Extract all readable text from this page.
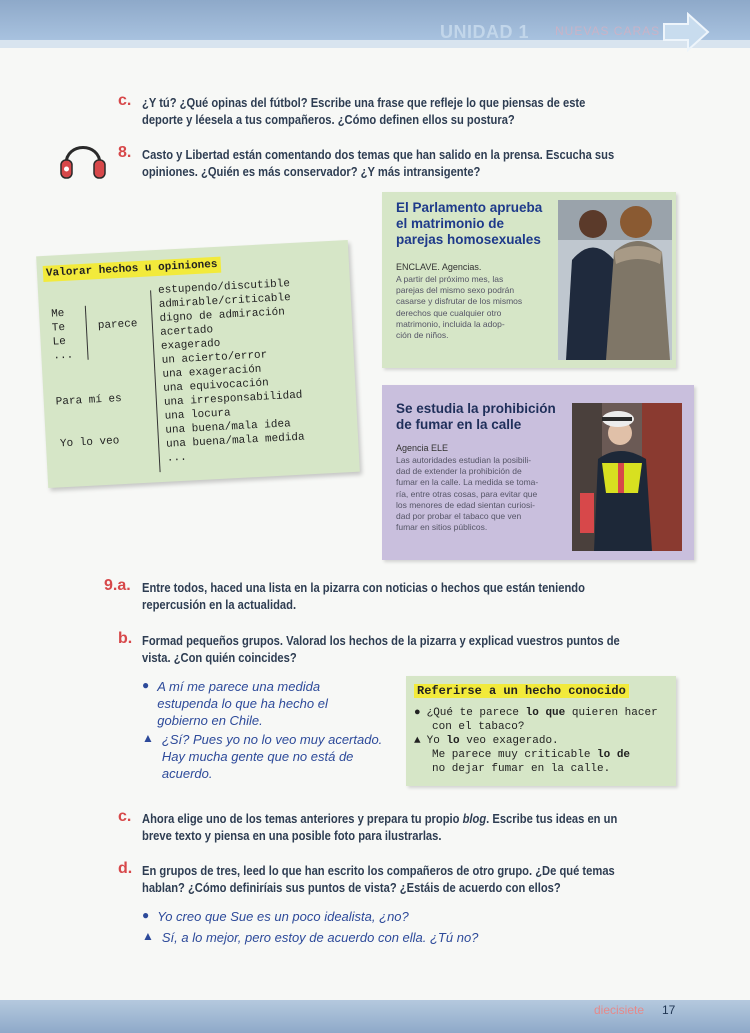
UNIDAD 1 NUEVAS CARAS
c. ¿Y tú? ¿Qué opinas del fútbol? Escribe una frase que refleje lo que piensas de este
deporte y léesela a tus compañeros. ¿Cómo definen ellos su postura?
8. Casto y Libertad están comentando dos temas que han salido en la prensa. Escucha sus
opiniones. ¿Quién es más conservador? ¿Y más intransigente?
El Parlamento aprueba
el matrimonio de
parejas homosexuales
ENCLAVE. Agencias.
A partir del próximo mes, las
parejas del mismo sexo podrán
casarse y disfrutar de los mismos
derechos que cualquier otro
matrimonio, incluida la adop-
ción de niños.
Se estudia la prohibición
de fumar en la calle
Agencia ELE
Las autoridades estudian la posibili-
dad de extender la prohibición de
fumar en la calle. La medida se toma-
ría, entre otras cosas, para evitar que
los menores de edad sientan curiosi-
dad por probar el tabaco que ven
fumar en sitios públicos.
Valorar hechos u opiniones
Me
Te
Le
...
parece
Para mí es
Yo lo veo
estupendo/discutible
admirable/criticable
digno de admiración
acertado
exagerado
un acierto/error
una exageración
una equivocación
una irresponsabilidad
una locura
una buena/mala idea
una buena/mala medida
...
9.a. Entre todos, haced una lista en la pizarra con noticias o hechos que están teniendo
repercusión en la actualidad.
b. Formad pequeños grupos. Valorad los hechos de la pizarra y explicad vuestros puntos de
vista. ¿Con quién coincides?
● A mí me parece una medida
estupenda lo que ha hecho el
gobierno en Chile.
▲ ¿Sí? Pues yo no lo veo muy acertado.
Hay mucha gente que no está de
acuerdo.
Referirse a un hecho conocido
● ¿Qué te parece lo que quieren hacer
con el tabaco?
▲ Yo lo veo exagerado.
Me parece muy criticable lo de
no dejar fumar en la calle.
c. Ahora elige uno de los temas anteriores y prepara tu propio blog. Escribe tus ideas en un
breve texto y piensa en una posible foto para ilustrarlas.
d. En grupos de tres, leed lo que han escrito los compañeros de otro grupo. ¿De qué temas
hablan? ¿Cómo definiríais sus puntos de vista? ¿Estáis de acuerdo con ellos?
● Yo creo que Sue es un poco idealista, ¿no?
▲ Sí, a lo mejor, pero estoy de acuerdo con ella. ¿Tú no?
diecisiete 17
